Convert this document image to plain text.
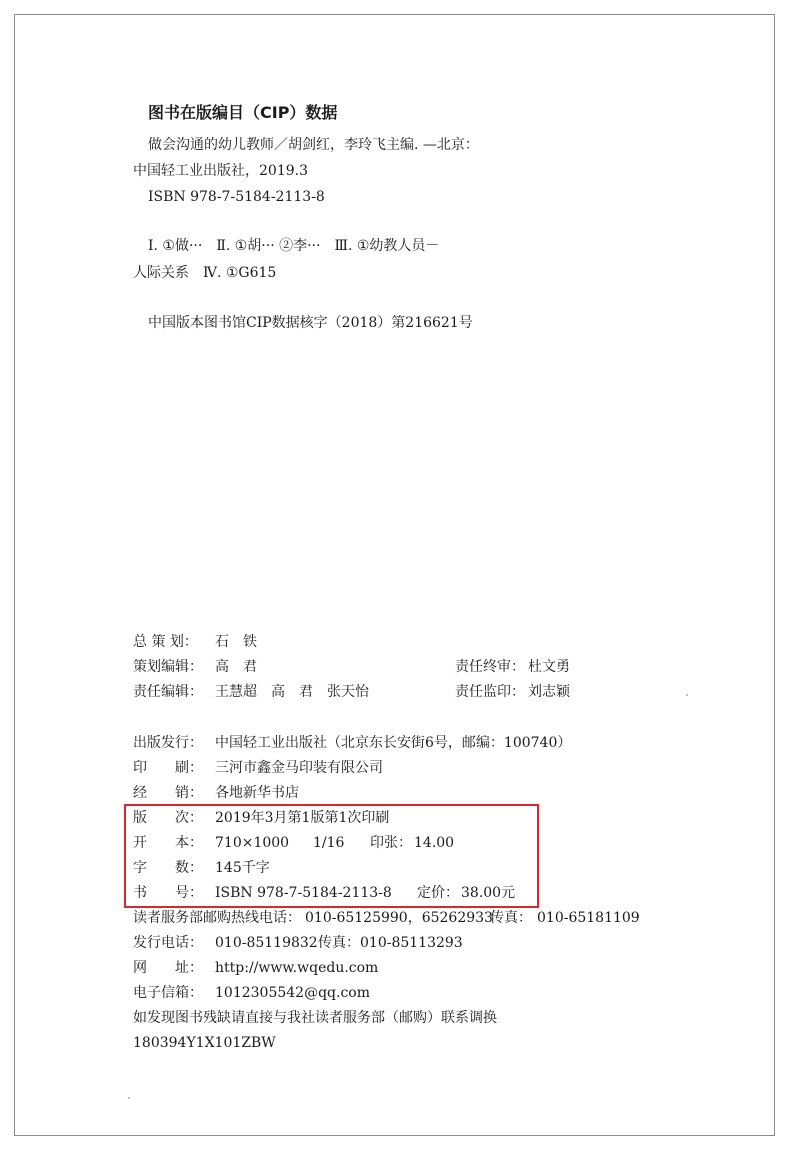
图书在版编目（CIP）数据
做会沟通的幼儿教师／胡剑红，李玲飞主编. —北京：
中国轻工业出版社，2019.3
ISBN 978-7-5184-2113-8
Ⅰ. ①做···　Ⅱ. ①胡··· ②李···　Ⅲ. ①幼教人员－
人际关系　Ⅳ. ①G615
中国版本图书馆CIP数据核字（2018）第216621号
总 策 划： 石　铁
策划编辑： 高　君	责任终审： 杜文勇
责任编辑： 王慧超　高　君　张天怡	责任监印： 刘志颖
出版发行： 中国轻工业出版社（北京东长安街6号，邮编：100740）
印　　刷： 三河市鑫金马印装有限公司
经　　销： 各地新华书店
版　　次： 2019年3月第1版第1次印刷
开　　本： 710×1000 1/16 印张： 14.00
字　　数： 145千字
书　　号： ISBN 978-7-5184-2113-8 定价： 38.00元
读者服务部邮购热线电话： 010-65125990，65262933
传真： 010-65181109
发行电话： 010-85119832 传真： 010-85113293
网　　址： http://www.wqedu.com
电子信箱： 1012305542@qq.com
如发现图书残缺请直接与我社读者服务部（邮购）联系调换
180394Y1X101ZBW
